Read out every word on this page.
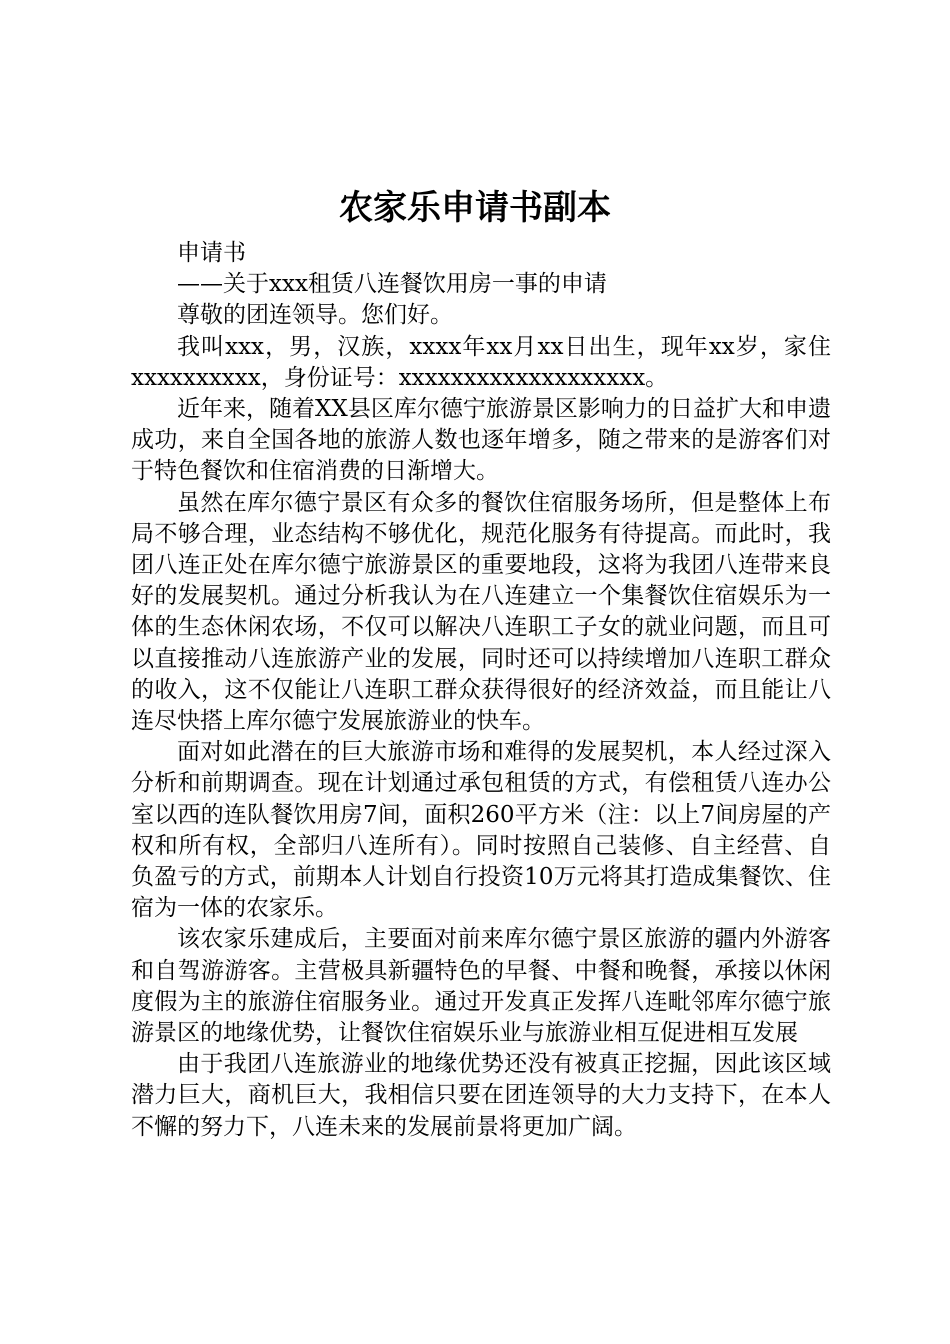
农家乐申请书副本

申请书

——关于xxx租赁八连餐饮用房一事的申请

尊敬的团连领导。您们好。

我叫xxx，男，汉族，xxxx年xx月xx日出生，现年xx岁，家住xxxxxxxxxx，身份证号：xxxxxxxxxxxxxxxxxxx。

近年来，随着XX县区库尔德宁旅游景区影响力的日益扩大和申遗成功，来自全国各地的旅游人数也逐年增多，随之带来的是游客们对于特色餐饮和住宿消费的日渐增大。

虽然在库尔德宁景区有众多的餐饮住宿服务场所，但是整体上布局不够合理，业态结构不够优化，规范化服务有待提高。而此时，我团八连正处在库尔德宁旅游景区的重要地段，这将为我团八连带来良好的发展契机。通过分析我认为在八连建立一个集餐饮住宿娱乐为一体的生态休闲农场，不仅可以解决八连职工子女的就业问题，而且可以直接推动八连旅游产业的发展，同时还可以持续增加八连职工群众的收入，这不仅能让八连职工群众获得很好的经济效益，而且能让八连尽快搭上库尔德宁发展旅游业的快车。

面对如此潜在的巨大旅游市场和难得的发展契机，本人经过深入分析和前期调查。现在计划通过承包租赁的方式，有偿租赁八连办公室以西的连队餐饮用房7间，面积260平方米（注：以上7间房屋的产权和所有权，全部归八连所有）。同时按照自己装修、自主经营、自负盈亏的方式，前期本人计划自行投资10万元将其打造成集餐饮、住宿为一体的农家乐。

该农家乐建成后，主要面对前来库尔德宁景区旅游的疆内外游客和自驾游游客。主营极具新疆特色的早餐、中餐和晚餐，承接以休闲度假为主的旅游住宿服务业。通过开发真正发挥八连毗邻库尔德宁旅游景区的地缘优势，让餐饮住宿娱乐业与旅游业相互促进相互发展

由于我团八连旅游业的地缘优势还没有被真正挖掘，因此该区域潜力巨大，商机巨大，我相信只要在团连领导的大力支持下，在本人不懈的努力下，八连未来的发展前景将更加广阔。
